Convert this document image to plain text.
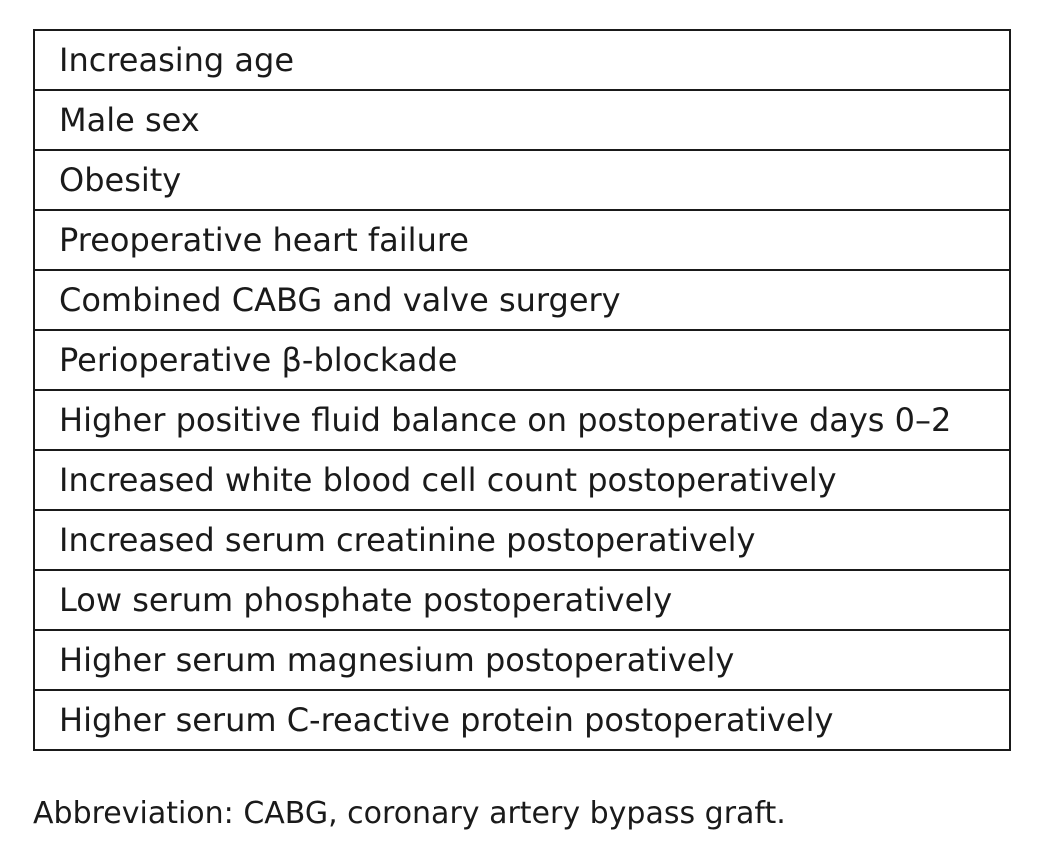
Increasing age
Male sex
Obesity
Preoperative heart failure
Combined CABG and valve surgery
Perioperative β-blockade
Higher positive fluid balance on postoperative days 0–2
Increased white blood cell count postoperatively
Increased serum creatinine postoperatively
Low serum phosphate postoperatively
Higher serum magnesium postoperatively
Higher serum C-reactive protein postoperatively
Abbreviation: CABG, coronary artery bypass graft.
